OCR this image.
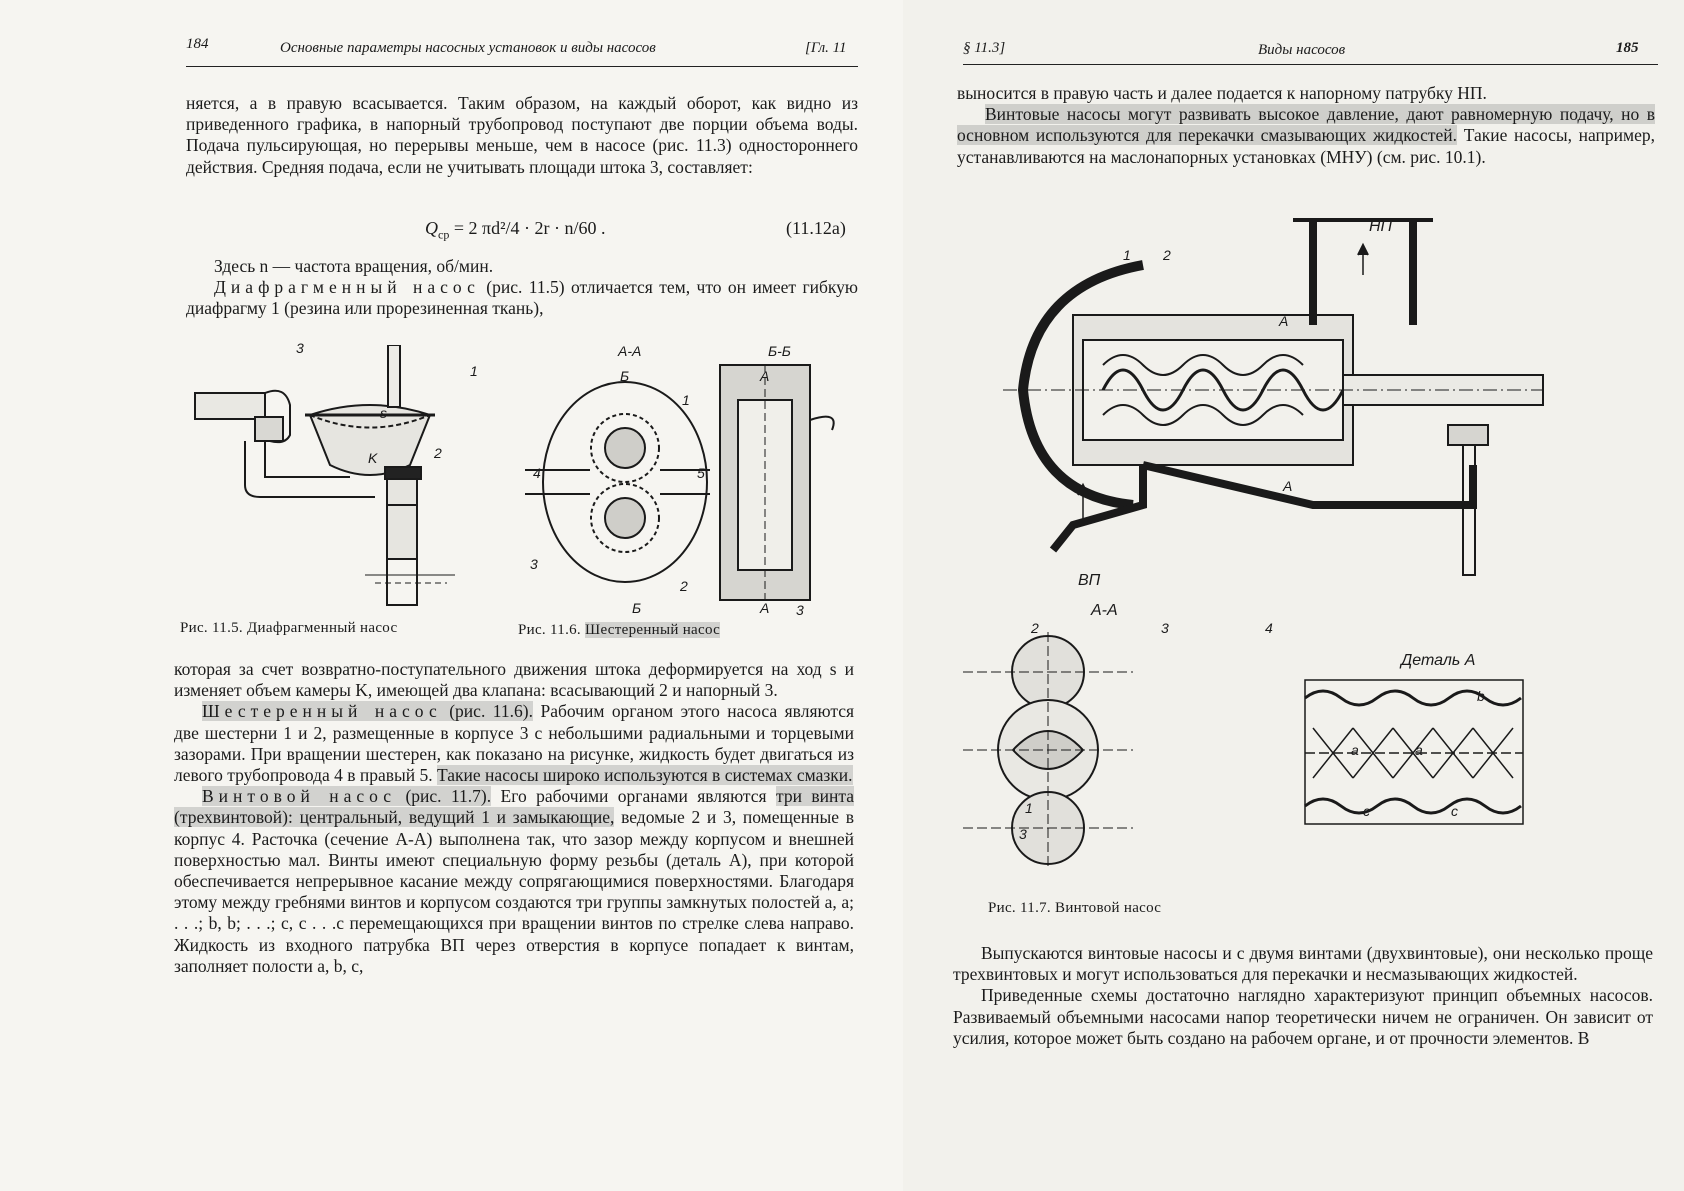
184	Основные параметры насосных установок и виды насосов	[Гл. 11

няется, а в правую всасывается. Таким образом, на каждый оборот, как видно из приведенного графика, в напорный трубопровод поступают две порции объема воды. Подача пульсирующая, но перерывы меньше, чем в насосе (рис. 11.3) одностороннего действия. Средняя подача, если не учитывать площади штока 3, составляет:

$Q_{ср} = 2$ πd²/4 · 2r · n/60 .	(11.12a)

Здесь n — частота вращения, об/мин.

Диафрагменный насос (рис. 11.5) отличается тем, что он имеет гибкую диафрагму 1 (резина или прорезиненная ткань),

3
1
s
K	2
А-А	Б-Б
Б	А
Б	А
1
4	5
3
2
3
Рис. 11.5. Диафрагменный насос	Рис. 11.6. Шестеренный насос

которая за счет возвратно-поступательного движения штока деформируется на ход s и изменяет объем камеры K, имеющей два клапана: всасывающий 2 и напорный 3.

Шестеренный насос (рис. 11.6). Рабочим органом этого насоса являются две шестерни 1 и 2, размещенные в корпусе 3 с небольшими радиальными и торцевыми зазорами. При вращении шестерен, как показано на рисунке, жидкость будет двигаться из левого трубопровода 4 в правый 5. Такие насосы широко используются в системах смазки.

Винтовой насос (рис. 11.7). Его рабочими органами являются три винта (трехвинтовой): центральный, ведущий 1 и замыкающие, ведомые 2 и 3, помещенные в корпус 4. Расточка (сечение А-А) выполнена так, что зазор между корпусом и внешней поверхностью мал. Винты имеют специальную форму резьбы (деталь А), при которой обеспечивается непрерывное касание между сопрягающимися поверхностями. Благодаря этому между гребнями винтов и корпусом создаются три группы замкнутых полостей a, a; . . .; b, b; . . .; c, c . . .с перемещающихся при вращении винтов по стрелке слева направо. Жидкость из входного патрубка ВП через отверстия в корпусе попадает к винтам, заполняет полости a, b, c,

§ 11.3]	Виды насосов	185

выносится в правую часть и далее подается к напорному патрубку НП.

Винтовые насосы могут развивать высокое давление, дают равномерную подачу, но в основном используются для перекачки смазывающих жидкостей. Такие насосы, например, устанавливаются на маслонапорных установках (МНУ) (см. рис. 10.1).

НП
ВП
А
А
1 2
3	4
А-А
2
1
3
Деталь А
a	a
b
c	c
Рис. 11.7. Винтовой насос

Выпускаются винтовые насосы и с двумя винтами (двухвинтовые), они несколько проще трехвинтовых и могут использоваться для перекачки и несмазывающих жидкостей.

Приведенные схемы достаточно наглядно характеризуют принцип объемных насосов. Развиваемый объемными насосами напор теоретически ничем не ограничен. Он зависит от усилия, которое может быть создано на рабочем органе, и от прочности элементов. В
